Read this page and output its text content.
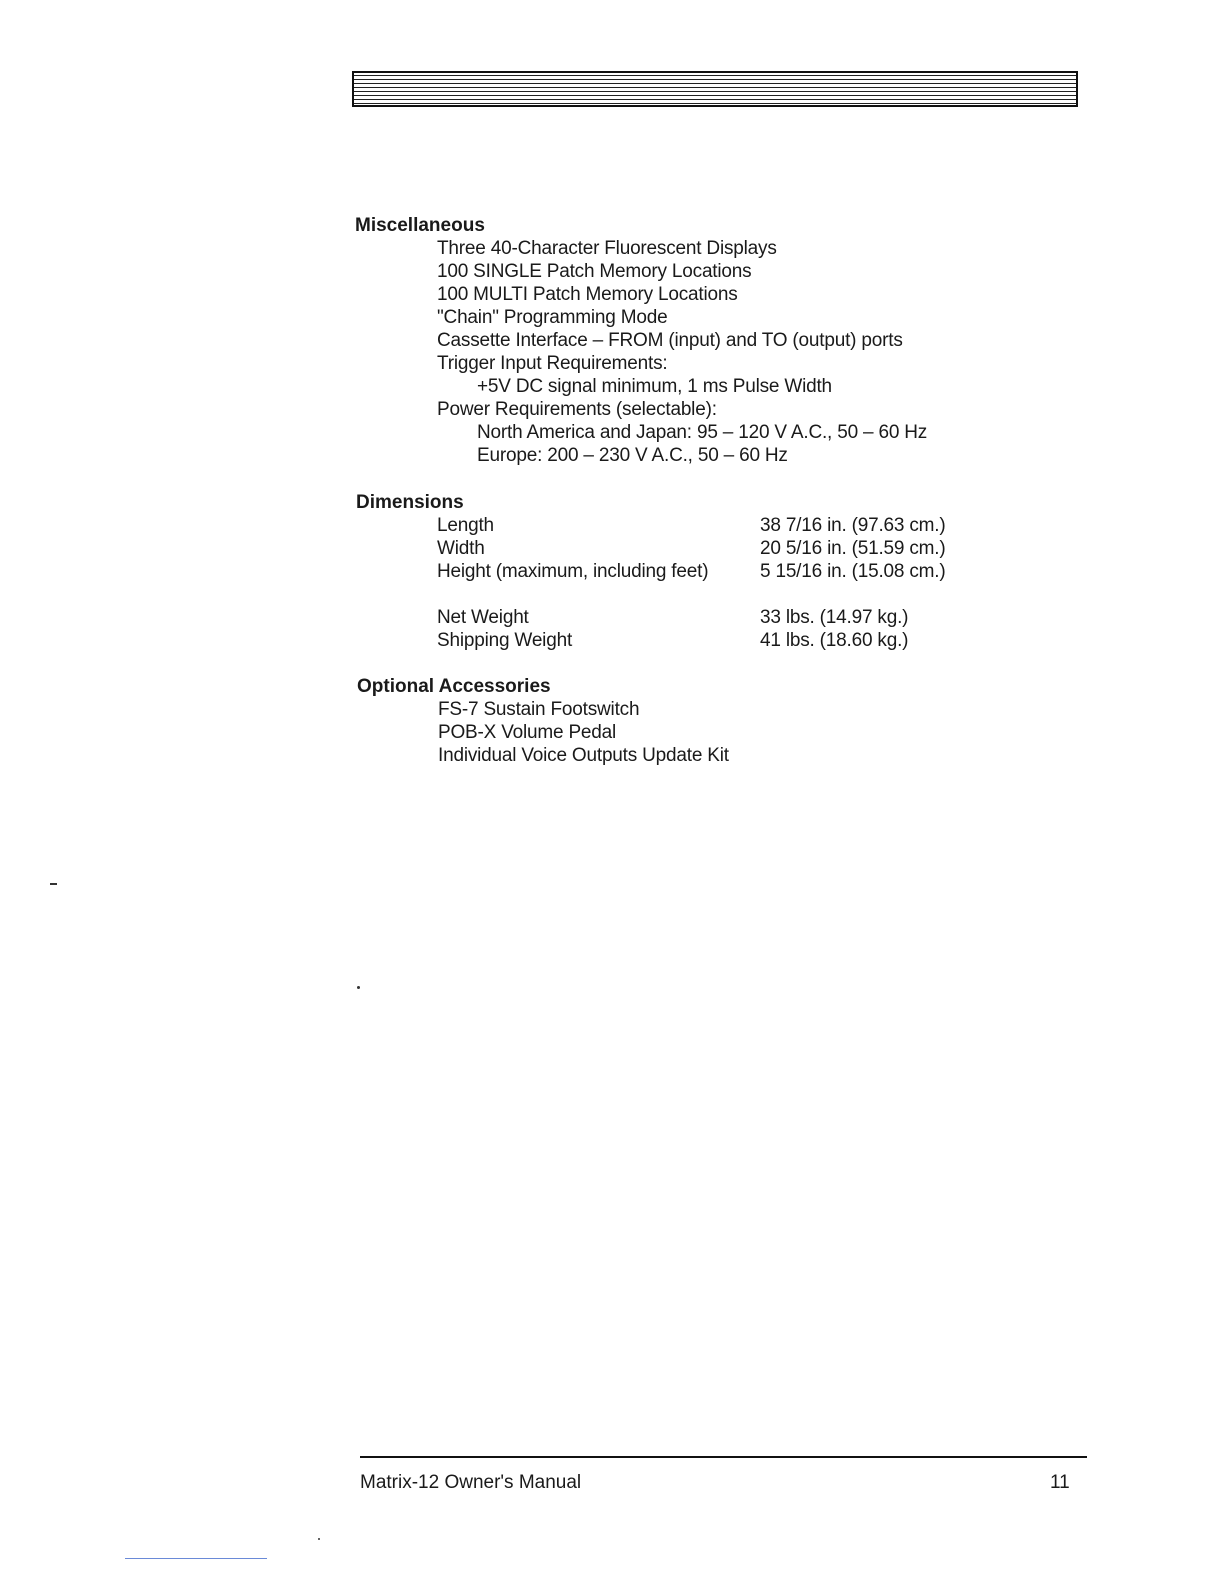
Miscellaneous
Three 40-Character Fluorescent Displays
100 SINGLE Patch Memory Locations
100 MULTI Patch Memory Locations
"Chain" Programming Mode
Cassette Interface – FROM (input) and TO (output) ports
Trigger Input Requirements:
+5V DC signal minimum, 1 ms Pulse Width
Power Requirements (selectable):
North America and Japan: 95 – 120 V A.C., 50 – 60 Hz
Europe: 200 – 230 V A.C., 50 – 60 Hz
Dimensions
Length	38 7/16 in. (97.63 cm.)
Width	20 5/16 in. (51.59 cm.)
Height (maximum, including feet)	5 15/16 in. (15.08 cm.)
Net Weight	33 lbs. (14.97 kg.)
Shipping Weight	41 lbs. (18.60 kg.)
Optional Accessories
FS-7 Sustain Footswitch
POB-X Volume Pedal
Individual Voice Outputs Update Kit
Matrix-12 Owner's Manual	11
